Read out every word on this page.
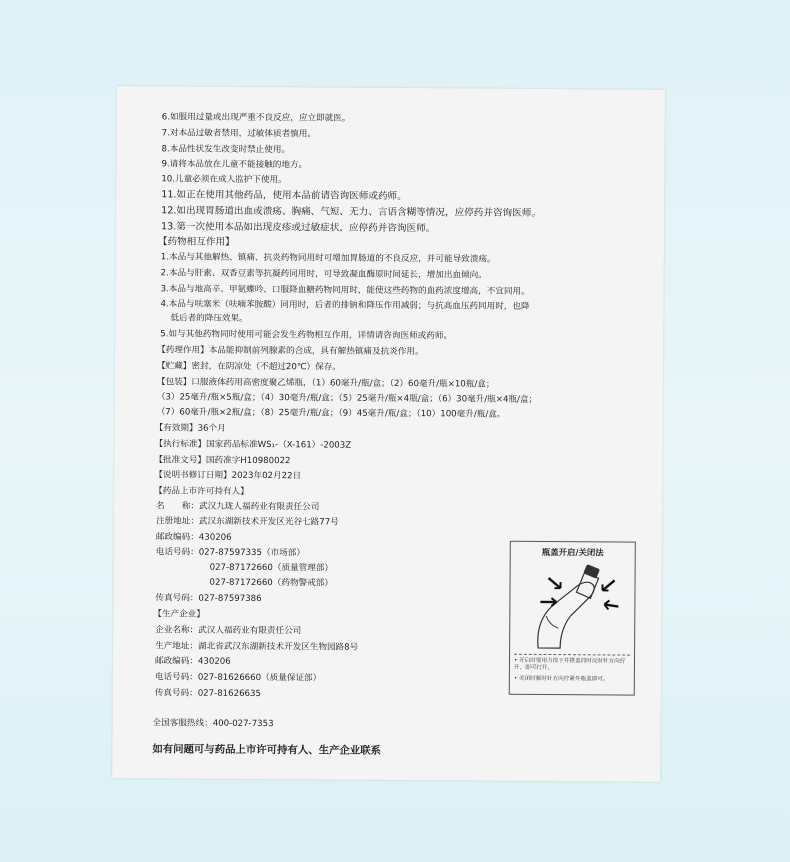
6.如服用过量或出现严重不良反应，应立即就医。
7.对本品过敏者禁用，过敏体质者慎用。
8.本品性状发生改变时禁止使用。
9.请将本品放在儿童不能接触的地方。
10.儿童必须在成人监护下使用。
11.如正在使用其他药品，使用本品前请咨询医师或药师。
12.如出现胃肠道出血或溃疡、胸痛、气短、无力、言语含糊等情况，应停药并咨询医师。
13.第一次使用本品如出现皮疹或过敏症状，应停药并咨询医师。
【药物相互作用】
1.本品与其他解热、镇痛、抗炎药物同用时可增加胃肠道的不良反应，并可能导致溃疡。
2.本品与肝素、双香豆素等抗凝药同用时，可导致凝血酶原时间延长，增加出血倾向。
3.本品与地高辛、甲氨蝶呤、口服降血糖药物同用时，能使这些药物的血药浓度增高，不宜同用。
4.本品与呋塞米（呋喃苯胺酸）同用时，后者的排钠和降压作用减弱；与抗高血压药同用时，也降
低后者的降压效果。
5.如与其他药物同时使用可能会发生药物相互作用，详情请咨询医师或药师。
【药理作用】本品能抑制前列腺素的合成，具有解热镇痛及抗炎作用。
【贮藏】密封，在阴凉处（不超过20℃）保存。
【包装】口服液体药用高密度聚乙烯瓶，（1）60毫升/瓶/盒；（2）60毫升/瓶×10瓶/盒；
（3）25毫升/瓶×5瓶/盒；（4）30毫升/瓶/盒；（5）25毫升/瓶×4瓶/盒；（6）30毫升/瓶×4瓶/盒；
（7）60毫升/瓶×2瓶/盒；（8）25毫升/瓶/盒；（9）45毫升/瓶/盒；（10）100毫升/瓶/盒。
【有效期】36个月
【执行标准】国家药品标准WS₁-（X-161）-2003Z
【批准文号】国药准字H10980022
【说明书修订日期】2023年02月22日
【药品上市许可持有人】
名　　称：武汉九珑人福药业有限责任公司
注册地址：武汉东湖新技术开发区光谷七路77号
邮政编码：430206
电话号码：027-87597335（市场部）
027-87172660（质量管理部）
027-87172660（药物警戒部）
传真号码：027-87597386
【生产企业】
企业名称：武汉人福药业有限责任公司
生产地址：湖北省武汉东湖新技术开发区生物园路8号
邮政编码：430206
电话号码：027-81626660（质量保证部）
传真号码：027-81626635
全国客服热线：400-027-7353
如有问题可与药品上市许可持有人、生产企业联系
瓶盖开启/关闭法
• 开启时要用力按下并推盖同时反时针方向拧开，即可打开。
• 关闭时顺时针方向拧紧外瓶盖即可。
